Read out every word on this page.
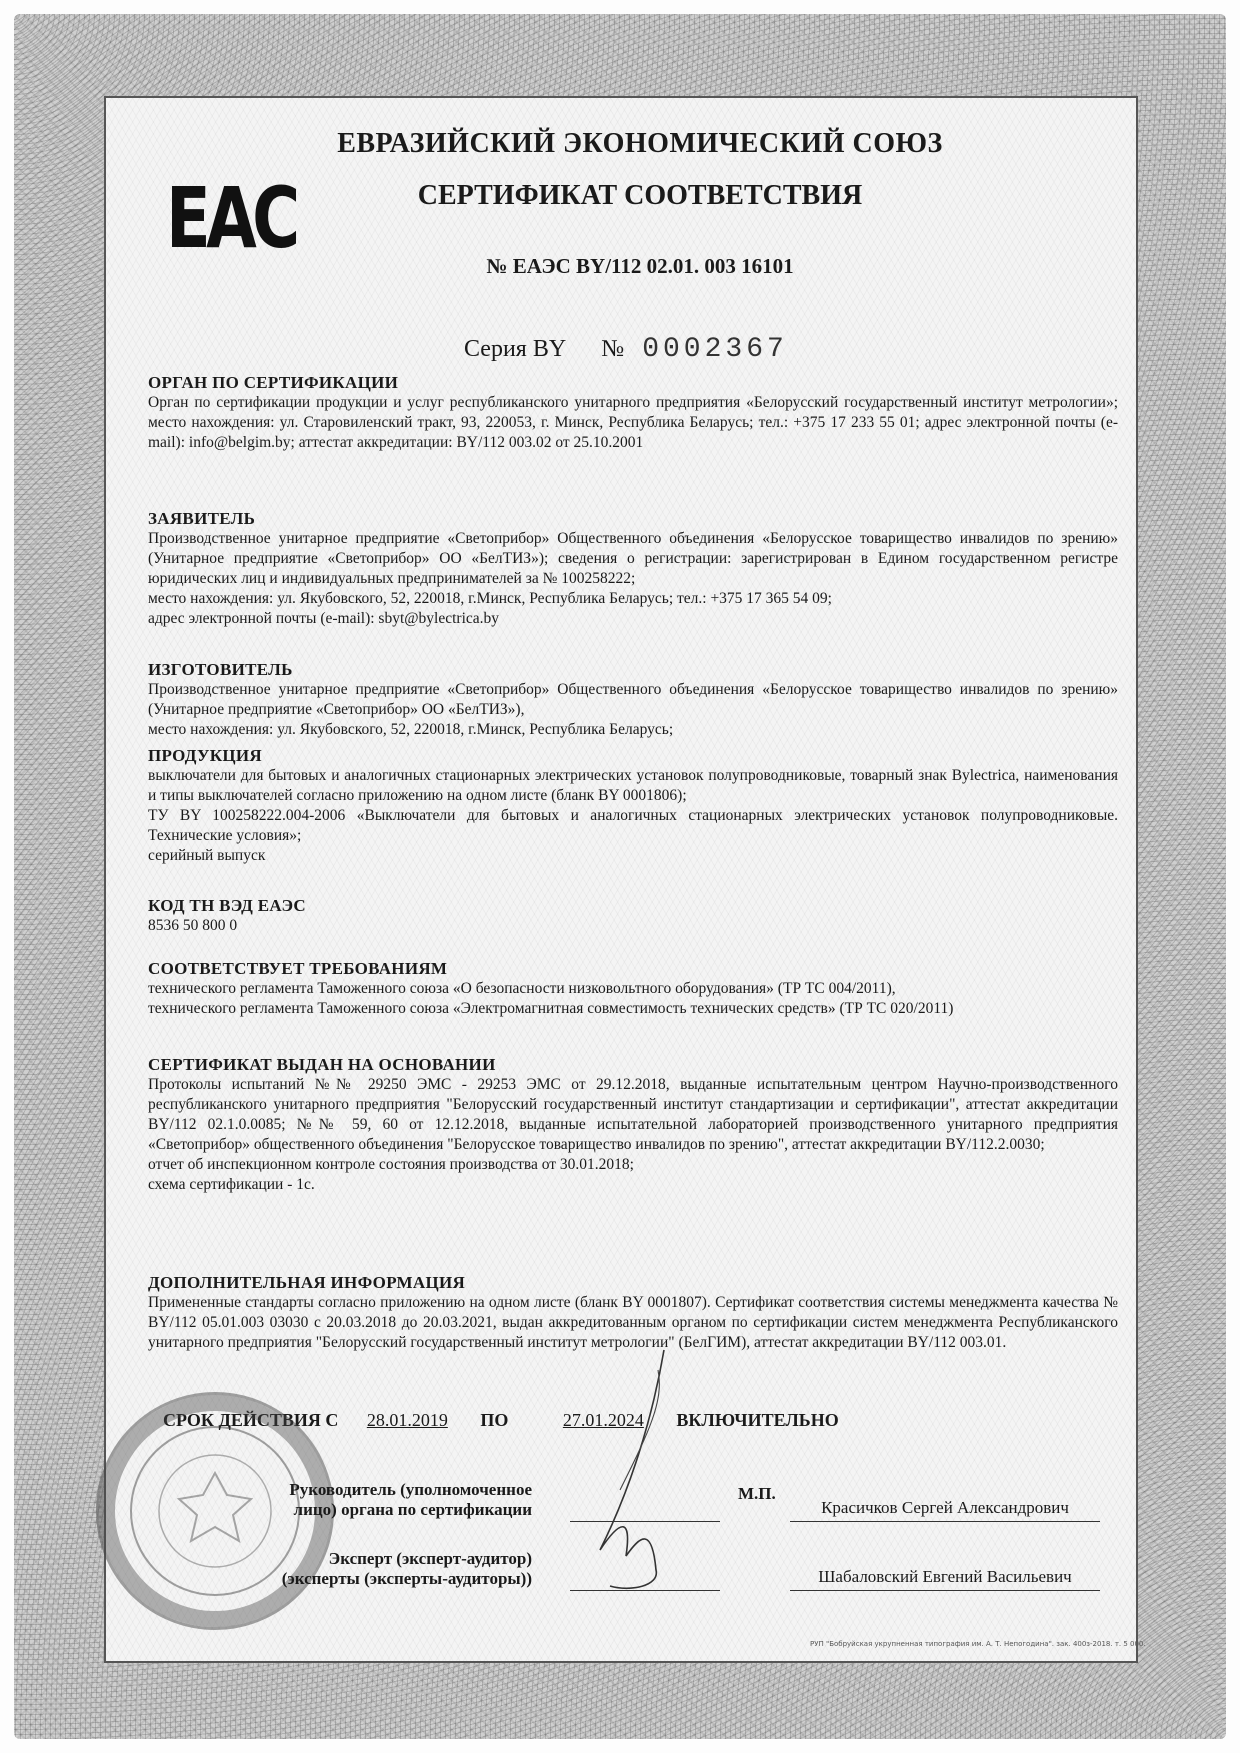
EAC
ЕВРАЗИЙСКИЙ ЭКОНОМИЧЕСКИЙ СОЮЗ
СЕРТИФИКАТ СООТВЕТСТВИЯ
№ ЕАЭС BY/112 02.01. 003 16101
Серия BY № 0002367
ОРГАН ПО СЕРТИФИКАЦИИ
Орган по сертификации продукции и услуг республиканского унитарного предприятия «Белорусский государственный институт метрологии»; место нахождения: ул. Старовиленский тракт, 93, 220053, г. Минск, Республика Беларусь; тел.: +375 17 233 55 01; адрес электронной почты (e-mail): info@belgim.by; аттестат аккредитации: BY/112 003.02 от 25.10.2001
ЗАЯВИТЕЛЬ

Производственное унитарное предприятие «Светоприбор» Общественного объединения «Белорусское товарищество инвалидов по зрению» (Унитарное предприятие «Светоприбор» ОО «БелТИЗ»); сведения о регистрации: зарегистрирован в Едином государственном регистре юридических лиц и индивидуальных предпринимателей за № 100258222;

место нахождения: ул. Якубовского, 52, 220018, г.Минск, Республика Беларусь; тел.: +375 17 365 54 09;

адрес электронной почты (e-mail): sbyt@bylectrica.by

ИЗГОТОВИТЕЛЬ

Производственное унитарное предприятие «Светоприбор» Общественного объединения «Белорусское товарищество инвалидов по зрению» (Унитарное предприятие «Светоприбор» ОО «БелТИЗ»),

место нахождения: ул. Якубовского, 52, 220018, г.Минск, Республика Беларусь;

ПРОДУКЦИЯ

выключатели для бытовых и аналогичных стационарных электрических установок полупроводниковые, товарный знак Bylectrica, наименования и типы выключателей согласно приложению на одном листе (бланк BY 0001806);

ТУ BY 100258222.004-2006 «Выключатели для бытовых и аналогичных стационарных электрических установок полупроводниковые. Технические условия»;

серийный выпуск

КОД ТН ВЭД ЕАЭС
8536 50 800 0
СООТВЕТСТВУЕТ ТРЕБОВАНИЯМ

технического регламента Таможенного союза «О безопасности низковольтного оборудования» (ТР ТС 004/2011),

технического регламента Таможенного союза «Электромагнитная совместимость технических средств» (ТР ТС 020/2011)

СЕРТИФИКАТ ВЫДАН НА ОСНОВАНИИ

Протоколы испытаний №№ 29250 ЭМС - 29253 ЭМС от 29.12.2018, выданные испытательным центром Научно-производственного республиканского унитарного предприятия "Белорусский государственный институт стандартизации и сертификации", аттестат аккредитации BY/112 02.1.0.0085; №№ 59, 60 от 12.12.2018, выданные испытательной лабораторией производственного унитарного предприятия «Светоприбор» общественного объединения "Белорусское товарищество инвалидов по зрению", аттестат аккредитации BY/112.2.0030;

отчет об инспекционном контроле состояния производства от 30.01.2018;

схема сертификации - 1с.

ДОПОЛНИТЕЛЬНАЯ ИНФОРМАЦИЯ
Примененные стандарты согласно приложению на одном листе (бланк BY 0001807). Сертификат соответствия системы менеджмента качества № BY/112 05.01.003 03030 с 20.03.2018 до 20.03.2021, выдан аккредитованным органом по сертификации систем менеджмента Республиканского унитарного предприятия "Белорусский государственный институт метрологии" (БелГИМ), аттестат аккредитации BY/112 003.01.
СРОК ДЕЙСТВИЯ С 28.01.2019 ПО	27.01.2024 ВКЛЮЧИТЕЛЬНО
Руководитель (уполномоченное
лицо) органа по сертификации
М.П.
Красичков Сергей Александрович
Эксперт (эксперт-аудитор)
(эксперты (эксперты-аудиторы))	Шабаловский Евгений Васильевич
РУП "Бобруйская укрупненная типография им. А. Т. Непогодина". зак. 400з-2018. т. 5 000.
